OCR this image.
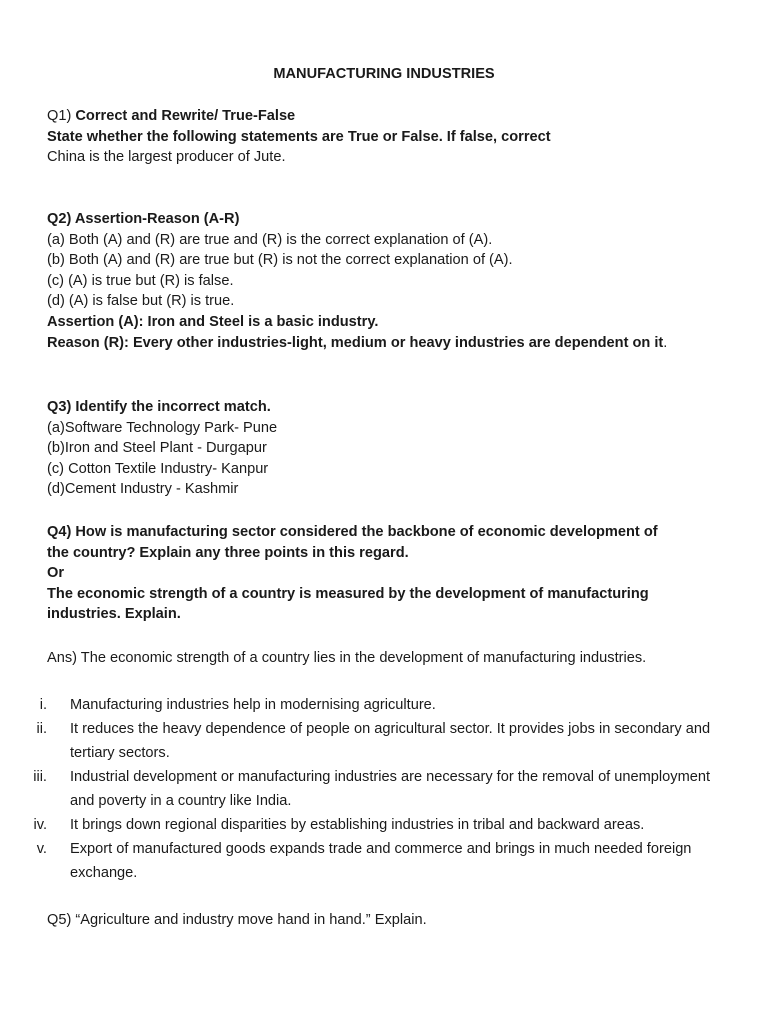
MANUFACTURING INDUSTRIES
Q1) Correct and Rewrite/ True-False
State whether the following statements are True or False. If false, correct
China is the largest producer of Jute.
Q2) Assertion-Reason (A-R)
(a) Both (A) and (R) are true and (R) is the correct explanation of (A).
(b) Both (A) and (R) are true but (R) is not the correct explanation of (A).
(c) (A) is true but (R) is false.
(d) (A) is false but (R) is true.
Assertion (A): Iron and Steel is a basic industry.
Reason (R): Every other industries-light, medium or heavy industries are dependent on it.
Q3) Identify the incorrect match.
(a)Software Technology Park- Pune
(b)Iron and Steel Plant - Durgapur
(c) Cotton Textile Industry- Kanpur
(d)Cement Industry - Kashmir
Q4) How is manufacturing sector considered the backbone of economic development of
the country? Explain any three points in this regard.
Or
The economic strength of a country is measured by the development of manufacturing
industries. Explain.
Ans) The economic strength of a country lies in the development of manufacturing industries.
i. Manufacturing industries help in modernising agriculture.
ii. It reduces the heavy dependence of people on agricultural sector. It provides jobs in secondary and tertiary sectors.
iii. Industrial development or manufacturing industries are necessary for the removal of unemployment and poverty in a country like India.
iv. It brings down regional disparities by establishing industries in tribal and backward areas.
v. Export of manufactured goods expands trade and commerce and brings in much needed foreign exchange.
Q5) “Agriculture and industry move hand in hand.” Explain.
